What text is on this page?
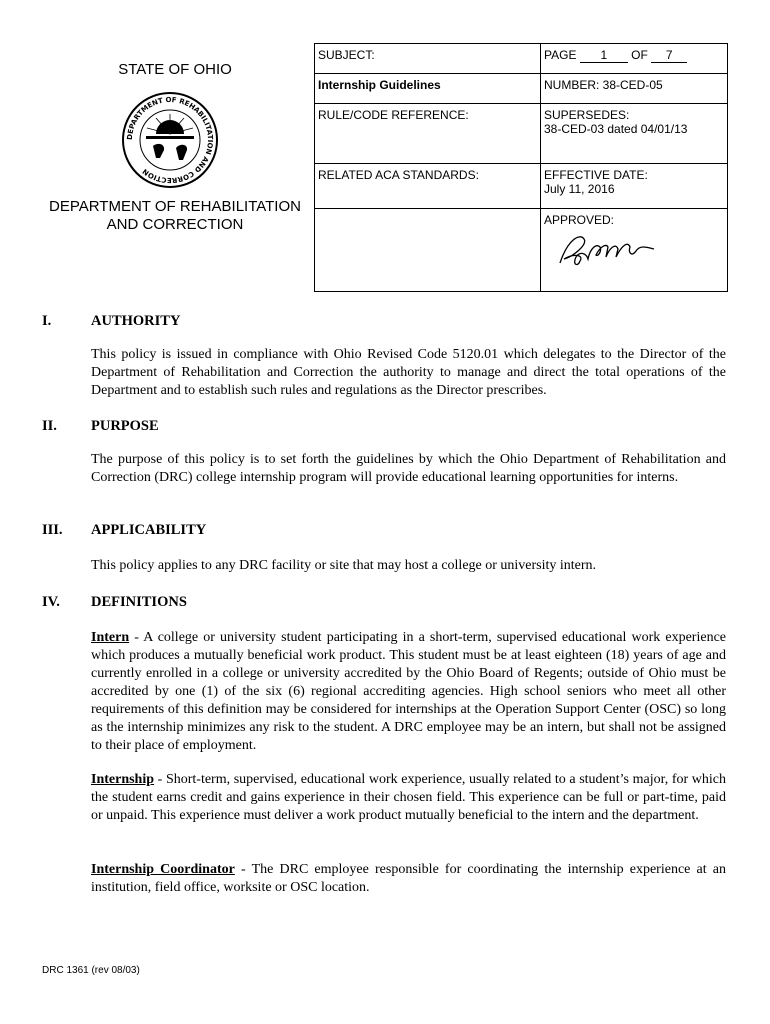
STATE OF OHIO
DEPARTMENT OF REHABILITATION AND CORRECTION
DEPARTMENT OF REHABILITATION AND CORRECTION
SUBJECT:	PAGE 1 OF 7
Internship Guidelines	NUMBER: 38-CED-05
RULE/CODE REFERENCE:	SUPERSEDES:
38-CED-03 dated 04/01/13

RELATED ACA STANDARDS:	EFFECTIVE DATE:
July 11, 2016

	APPROVED:
I.	AUTHORITY
This policy is issued in compliance with Ohio Revised Code 5120.01 which delegates to the Director of the Department of Rehabilitation and Correction the authority to manage and direct the total operations of the Department and to establish such rules and regulations as the Director prescribes.
II. PURPOSE
The purpose of this policy is to set forth the guidelines by which the Ohio Department of Rehabilitation and Correction (DRC) college internship program will provide educational learning opportunities for interns.
III. APPLICABILITY
This policy applies to any DRC facility or site that may host a college or university intern.
IV. DEFINITIONS
Intern - A college or university student participating in a short-term, supervised educational work experience which produces a mutually beneficial work product. This student must be at least eighteen (18) years of age and currently enrolled in a college or university accredited by the Ohio Board of Regents; outside of Ohio must be accredited by one (1) of the six (6) regional accrediting agencies. High school seniors who meet all other requirements of this definition may be considered for internships at the Operation Support Center (OSC) so long as the internship minimizes any risk to the student. A DRC employee may be an intern, but shall not be assigned to their place of employment.
Internship - Short-term, supervised, educational work experience, usually related to a student’s major, for which the student earns credit and gains experience in their chosen field. This experience can be full or part-time, paid or unpaid. This experience must deliver a work product mutually beneficial to the intern and the department.
Internship Coordinator - The DRC employee responsible for coordinating the internship experience at an institution, field office, worksite or OSC location.
DRC 1361 (rev 08/03)
